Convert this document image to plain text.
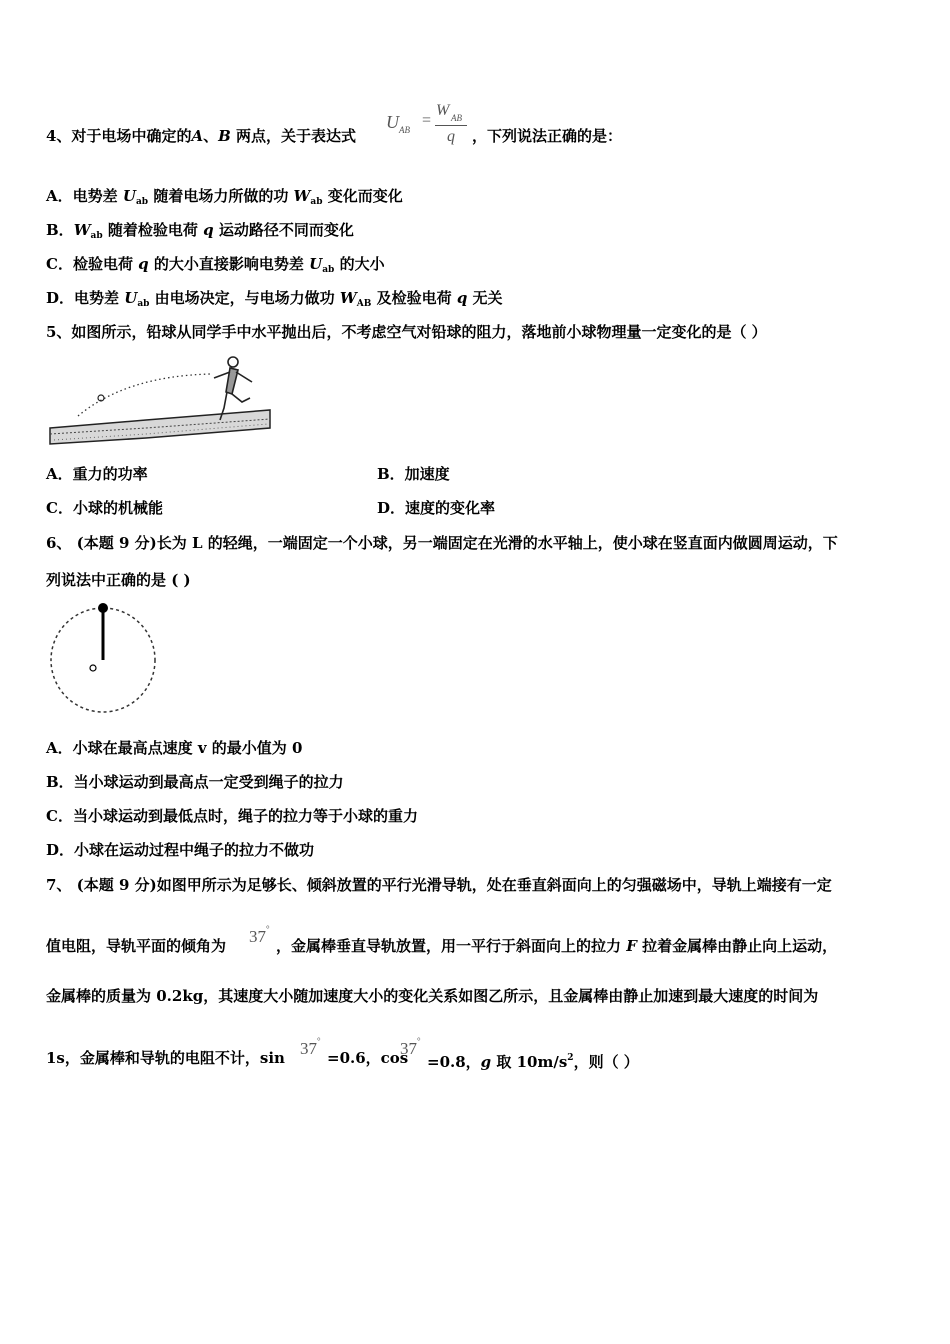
4、对于电场中确定的A、B 两点，关于表达式
U AB
=
W AB
q ，下列说法正确的是：
A．电势差 $U_{ab}$ 随着电场力所做的功 $W_{ab}$ 变化而变化
B．$W_{ab}$ 随着检验电荷 q 运动路径不同而变化
C．检验电荷 q 的大小直接影响电势差 $U_{ab}$ 的大小
D．电势差 $U_{ab}$ 由电场决定，与电场力做功 $W_{AB}$ 及检验电荷 q 无关
5、如图所示，铅球从同学手中水平抛出后，不考虑空气对铅球的阻力，落地前小球物理量一定变化的是（ ）
A．重力的功率	B．加速度
C．小球的机械能	D．速度的变化率
6、 (本题 9 分)长为 L 的轻绳，一端固定一个小球，另一端固定在光滑的水平轴上，使小球在竖直面内做圆周运动，下
列说法中正确的是 ( )
A．小球在最高点速度 v 的最小值为 0
B．当小球运动到最高点一定受到绳子的拉力
C．当小球运动到最低点时，绳子的拉力等于小球的重力
D．小球在运动过程中绳子的拉力不做功
7、 (本题 9 分)如图甲所示为足够长、倾斜放置的平行光滑导轨，处在垂直斜面向上的匀强磁场中，导轨上端接有一定
值电阻，导轨平面的倾角为 37°
，金属棒垂直导轨放置，用一平行于斜面向上的拉力 F 拉着金属棒由静止向上运动，
金属棒的质量为 0.2kg，其速度大小随加速度大小的变化关系如图乙所示，且金属棒由静止加速到最大速度的时间为
1s，金属棒和导轨的电阻不计，sin 37°
=0.6，cos
37°
=0.8，g 取 $10m/s^2$，则（ ）
